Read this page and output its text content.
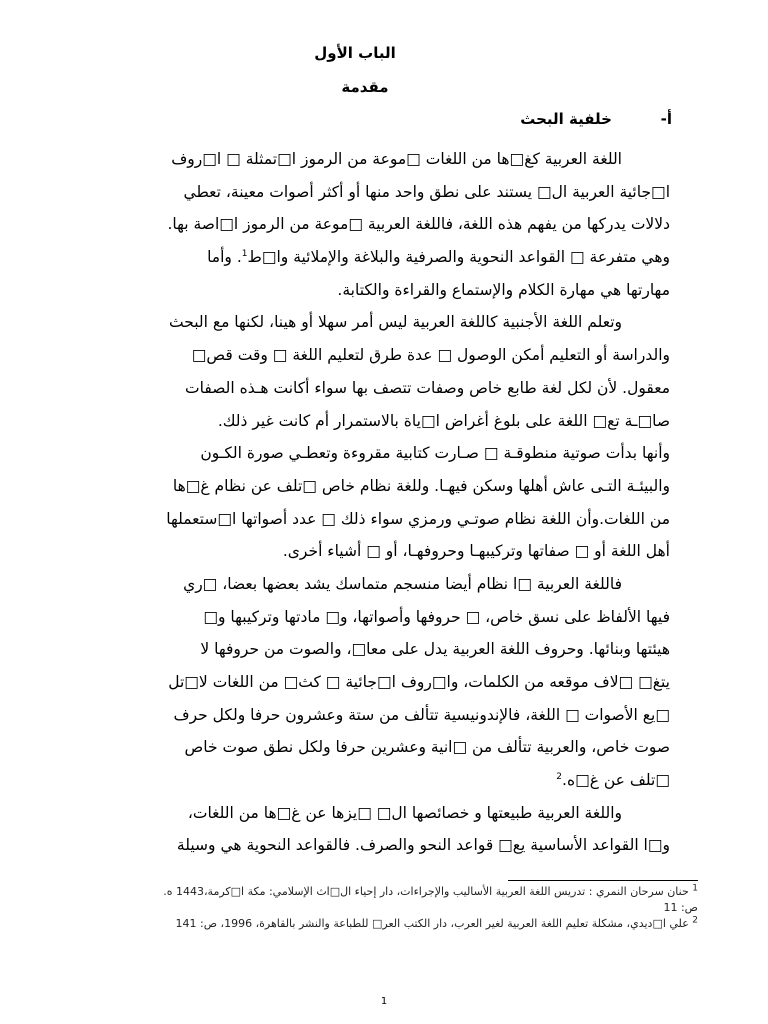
الباب الأول
مقدمة
أ-خلفية البحث
اللغة العربية كغ□ها من اللغات □موعة من الرموز ا□تمثلة □ ا□روف
ا□جائية العربية ال□ يستند على نطق واحد منها أو أكثر أصوات معينة، تعطي
دلالات يدركها من يفهم هذه اللغة، فاللغة العربية □موعة من الرموز ا□اصة بها.
وهي متفرعة □ القواعد النحوية والصرفية والبلاغة والإملائية وا□ط$^1$. وأما
مهارتها هي مهارة الكلام والإستماع والقراءة والكتابة.
وتعلم اللغة الأجنبية كاللغة العربية ليس أمر سهلا أو هينا، لكنها مع البحث
والدراسة أو التعليم أمكن الوصول □ عدة طرق لتعليم اللغة □ وقت قص□
معقول. لأن لكل لغة طابع خاص وصفات تتصف بها سواء أكانت هـذه الصفات
صا□ـة تع□ اللغة على بلوغ أغراض ا□ياة بالاستمرار أم كانت غير ذلك.
وأنها بدأت صوتية منطوقـة □ صـارت كتابية مقروءة وتعطـي صورة الكـون
والبيئـة التـى عاش أهلها وسكن فيهـا. وللغة نظام خاص □تلف عن نظام غ□ها
من اللغات.وأن اللغة نظام صوتـي ورمزي سواء ذلك □ عدد أصواتها ا□ستعملها
أهل اللغة أو □ صفاتها وتركيبهـا وحروفهـا، أو □ أشياء أخرى.
فاللغة العربية □ا نظام أيضا منسجم متماسك يشد بعضها بعضا، □ري
فيها الألفاظ على نسق خاص، □ حروفها وأصواتها، و□ مادتها وتركيبها و□
هيئتها وبنائها. وحروف اللغة العربية يدل على معا□، والصوت من حروفها لا
يتغ□ □لاف موقعه من الكلمات، وا□روف ا□جائية □ كث□ من اللغات لا□تل
□يع الأصوات □ اللغة، فالإندونيسية تتألف من ستة وعشرون حرفا ولكل حرف
صوت خاص، والعربية تتألف من □انية وعشرين حرفا ولكل نطق صوت خاص
□تلف عن غ□ه.$^2$
واللغة العربية طبيعتها و خصائصها ال□ □يزها عن غ□ها من اللغات،
و□ا القواعد الأساسية يع□ قواعد النحو والصرف. فالقواعد النحوية هي وسيلة
$^1$ حنان سرحان النمري : تدريس اللغة العربية الأساليب والإجراءات، دار إحياء ال□اث الإسلامي: مكة ا□كرمة،1443 ه.
ص: 11
$^2$ علي ا□ديدي، مشكلة تعليم اللغة العربية لغير العرب، دار الكتب العر□ للطباعة والنشر بالقاهرة، 1996، ص: 141
1
